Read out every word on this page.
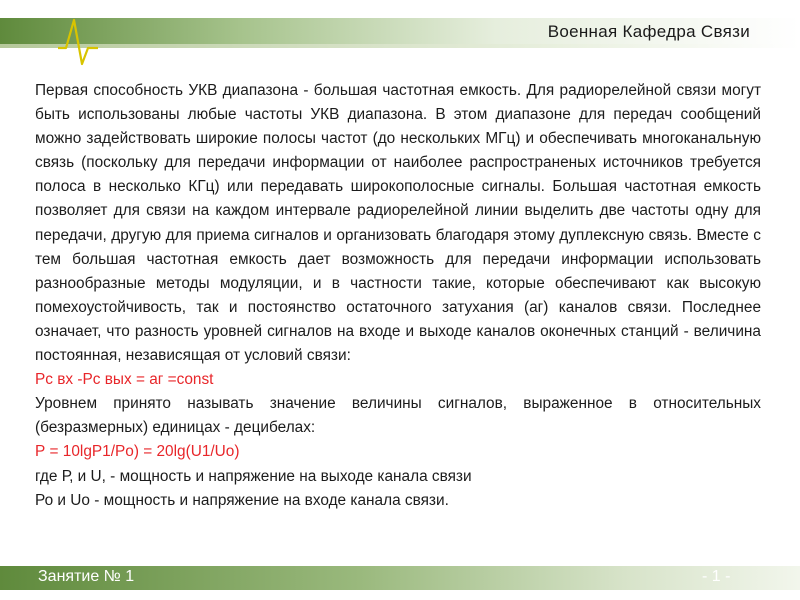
Военная Кафедра Связи

Первая способность УКВ диапазона - большая частотная емкость. Для радиорелейной связи могут быть использованы любые частоты УКВ диапазона. В этом диапазоне для передач сообщений можно задействовать широкие полосы частот (до нескольких МГц) и обеспечивать многоканальную связь (поскольку для передачи информации от наиболее распространеных источников требуется полоса в несколько КГц) или передавать широкополосные сигналы. Большая частотная емкость позволяет для связи на каждом интервале радиорелейной линии выделить две частоты одну для передачи, другую для приема сигналов и организовать благодаря этому дуплексную связь. Вместе с тем большая частотная емкость дает возможность для передачи информации использовать разнообразные методы модуляции, и в частности такие, которые обеспечивают как высокую помехоустойчивость, так и постоянство остаточного затухания (аг) каналов связи. Последнее означает, что разность уровней сигналов на входе и выходе каналов оконечных станций - величина постоянная, независящая от условий связи:

Рс вх -Рс вых = аг =const

Уровнем принято называть значение величины сигналов, выраженное в относительных (безразмерных) единицах - децибелах:

Р = 10lgP1/Po) = 20lg(U1/Uo)

где Р, и U, - мощность и напряжение на выходе канала связи

Ро и Uо - мощность и напряжение на входе канала связи.

Занятие № 1	- 1 -
